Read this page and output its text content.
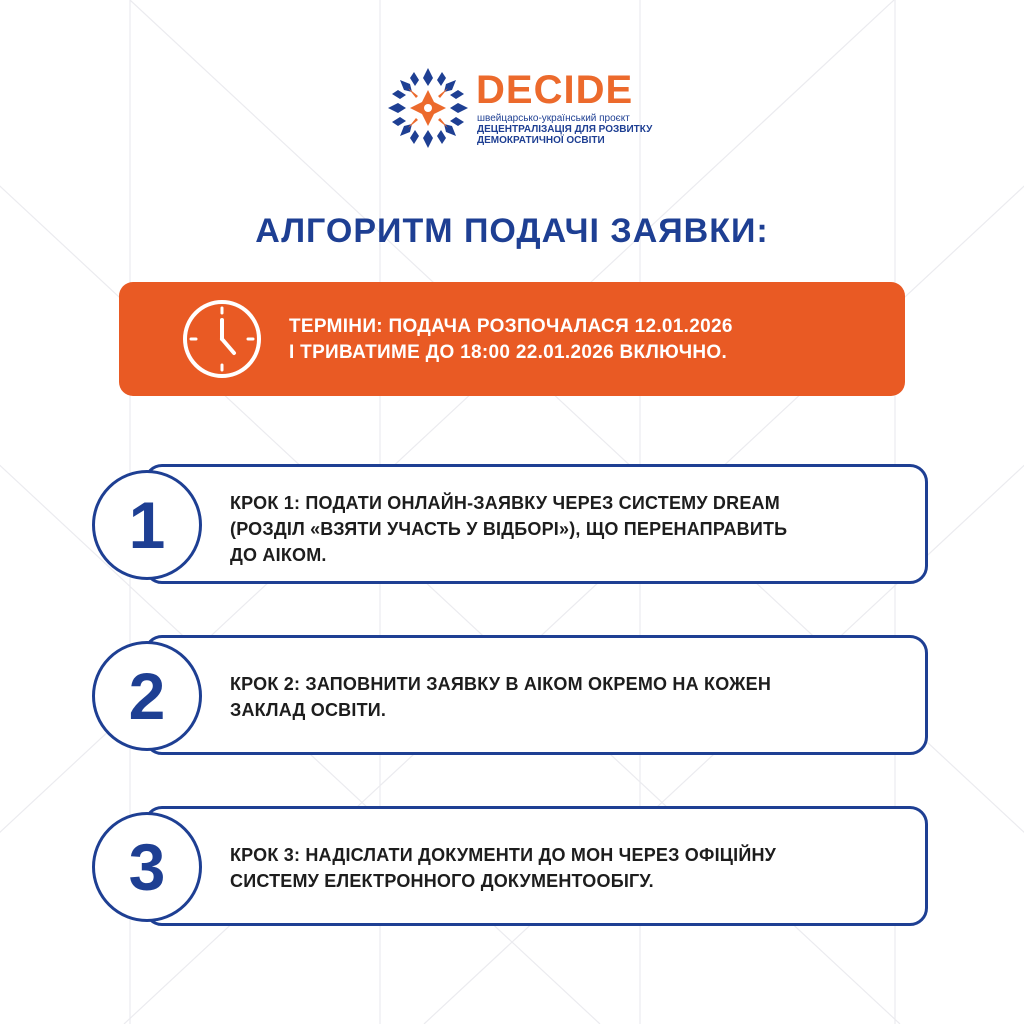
DECIDE
швейцарсько-український проєкт
ДЕЦЕНТРАЛІЗАЦІЯ ДЛЯ РОЗВИТКУ
ДЕМОКРАТИЧНОЇ ОСВІТИ
АЛГОРИТМ ПОДАЧІ ЗАЯВКИ:
ТЕРМІНИ: ПОДАЧА РОЗПОЧАЛАСЯ 12.01.2026
І ТРИВАТИМЕ ДО 18:00 22.01.2026 ВКЛЮЧНО.
1	КРОК 1: ПОДАТИ ОНЛАЙН-ЗАЯВКУ ЧЕРЕЗ СИСТЕМУ DREAM
(РОЗДІЛ «ВЗЯТИ УЧАСТЬ У ВІДБОРІ»), ЩО ПЕРЕНАПРАВИТЬ
ДО АІКОМ.
2	КРОК 2: ЗАПОВНИТИ ЗАЯВКУ В АІКОМ ОКРЕМО НА КОЖЕН
ЗАКЛАД ОСВІТИ.
3	КРОК 3: НАДІСЛАТИ ДОКУМЕНТИ ДО МОН ЧЕРЕЗ ОФІЦІЙНУ
СИСТЕМУ ЕЛЕКТРОННОГО ДОКУМЕНТООБІГУ.
